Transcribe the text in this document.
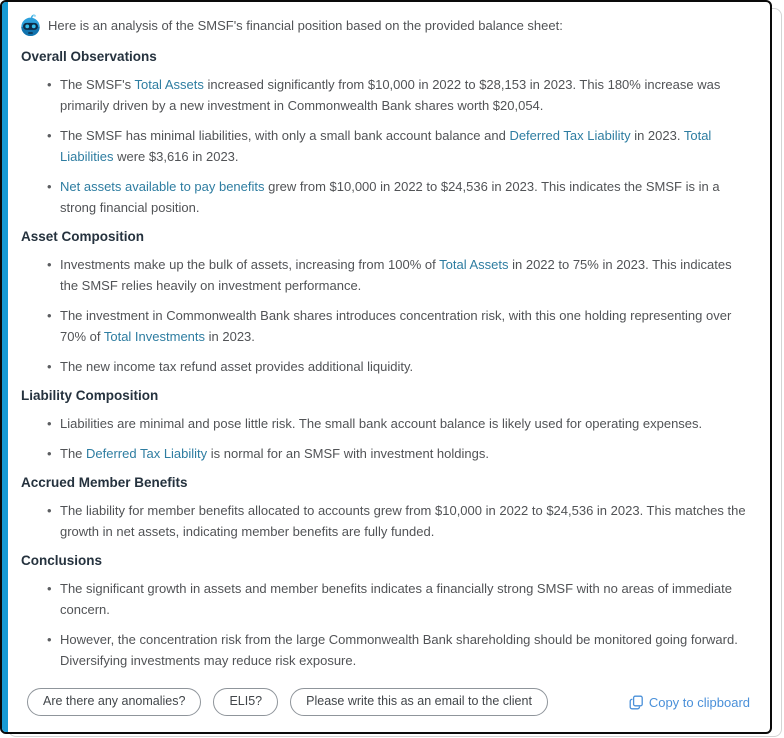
Here is an analysis of the SMSF's financial position based on the provided balance sheet:
Overall Observations
• The SMSF's Total Assets increased significantly from $10,000 in 2022 to $28,153 in 2023. This 180% increase was primarily driven by a new investment in Commonwealth Bank shares worth $20,054.
• The SMSF has minimal liabilities, with only a small bank account balance and Deferred Tax Liability in 2023. Total Liabilities were $3,616 in 2023.
• Net assets available to pay benefits grew from $10,000 in 2022 to $24,536 in 2023. This indicates the SMSF is in a strong financial position.
Asset Composition
• Investments make up the bulk of assets, increasing from 100% of Total Assets in 2022 to 75% in 2023. This indicates the SMSF relies heavily on investment performance.
• The investment in Commonwealth Bank shares introduces concentration risk, with this one holding representing over 70% of Total Investments in 2023.
• The new income tax refund asset provides additional liquidity.
Liability Composition
• Liabilities are minimal and pose little risk. The small bank account balance is likely used for operating expenses.
• The Deferred Tax Liability is normal for an SMSF with investment holdings.
Accrued Member Benefits
• The liability for member benefits allocated to accounts grew from $10,000 in 2022 to $24,536 in 2023. This matches the growth in net assets, indicating member benefits are fully funded.
Conclusions
• The significant growth in assets and member benefits indicates a financially strong SMSF with no areas of immediate concern.
• However, the concentration risk from the large Commonwealth Bank shareholding should be monitored going forward. Diversifying investments may reduce risk exposure.
Are there any anomalies?	ELI5?	Please write this as an email to the client	Copy to clipboard
